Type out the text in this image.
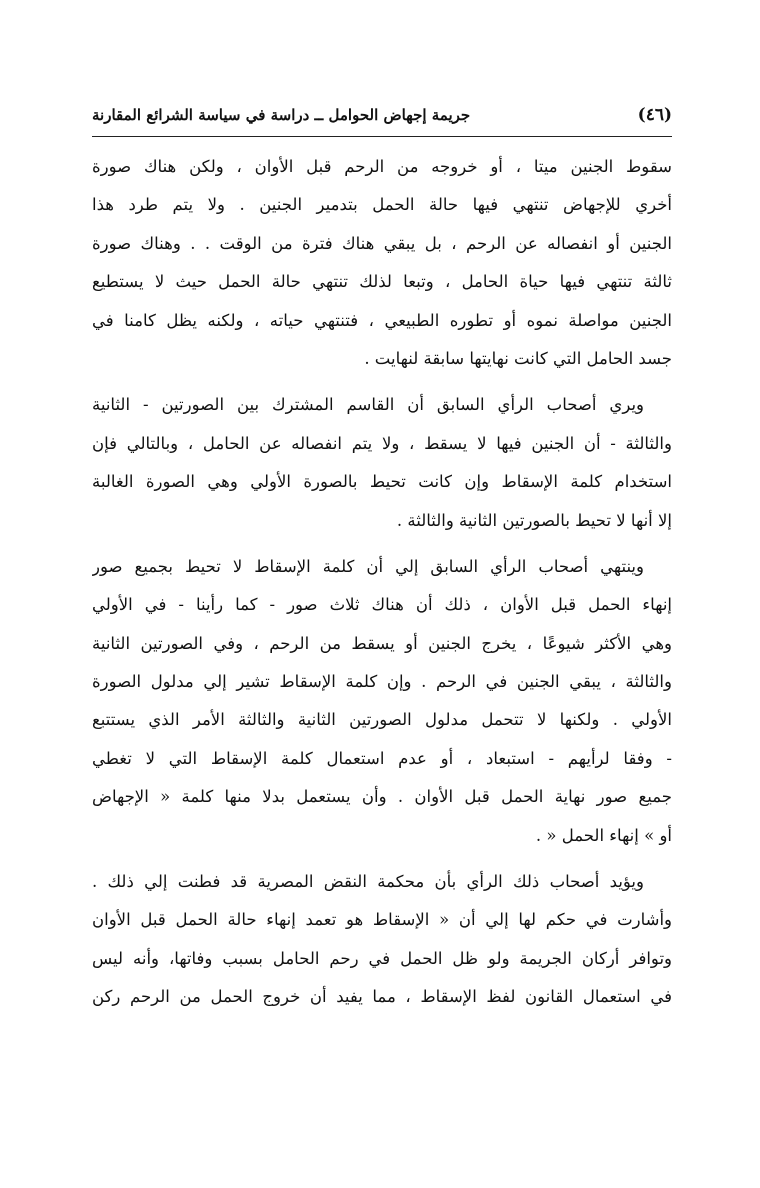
(٤٦)
جريمة إجهاض الحوامل ــ دراسة في سياسة الشرائع المقارنة
سقوط الجنين ميتا ، أو خروجه من الرحم قبل الأوان ، ولكن هناك صورة
أخري للإجهاض تنتهي فيها حالة الحمل بتدمير الجنين . ولا يتم طرد هذا
الجنين أو انفصاله عن الرحم ، بل يبقي هناك فترة من الوقت . . وهناك صورة
ثالثة تنتهي فيها حياة الحامل ، وتبعا لذلك تنتهي حالة الحمل حيث لا يستطيع
الجنين مواصلة نموه أو تطوره الطبيعي ، فتنتهي حياته ، ولكنه يظل كامنا في
جسد الحامل التي كانت نهايتها سابقة لنهايت .
ويري أصحاب الرأي السابق أن القاسم المشترك بين الصورتين - الثانية
والثالثة - أن الجنين فيها لا يسقط ، ولا يتم انفصاله عن الحامل ، وبالتالي فإن
استخدام كلمة الإسقاط وإن كانت تحيط بالصورة الأولي وهي الصورة الغالبة
إلا أنها لا تحيط بالصورتين الثانية والثالثة .
وينتهي أصحاب الرأي السابق إلي أن كلمة الإسقاط لا تحيط بجميع صور
إنهاء الحمل قبل الأوان ، ذلك أن هناك ثلاث صور - كما رأينا - في الأولي
وهي الأكثر شيوعًا ، يخرج الجنين أو يسقط من الرحم ، وفي الصورتين الثانية
والثالثة ، يبقي الجنين في الرحم . وإن كلمة الإسقاط تشير إلي مدلول الصورة
الأولي . ولكنها لا تتحمل مدلول الصورتين الثانية والثالثة الأمر الذي يستتبع
- وفقا لرأيهم - استبعاد ، أو عدم استعمال كلمة الإسقاط التي لا تغطي
جميع صور نهاية الحمل قبل الأوان . وأن يستعمل بدلا منها كلمة « الإجهاض
أو » إنهاء الحمل « .
ويؤيد أصحاب ذلك الرأي بأن محكمة النقض المصرية قد فطنت إلي ذلك .
وأشارت في حكم لها إلي أن « الإسقاط هو تعمد إنهاء حالة الحمل قبل الأوان
وتوافر أركان الجريمة ولو ظل الحمل في رحم الحامل بسبب وفاتها، وأنه ليس
في استعمال القانون لفظ الإسقاط ، مما يفيد أن خروج الحمل من الرحم ركن
